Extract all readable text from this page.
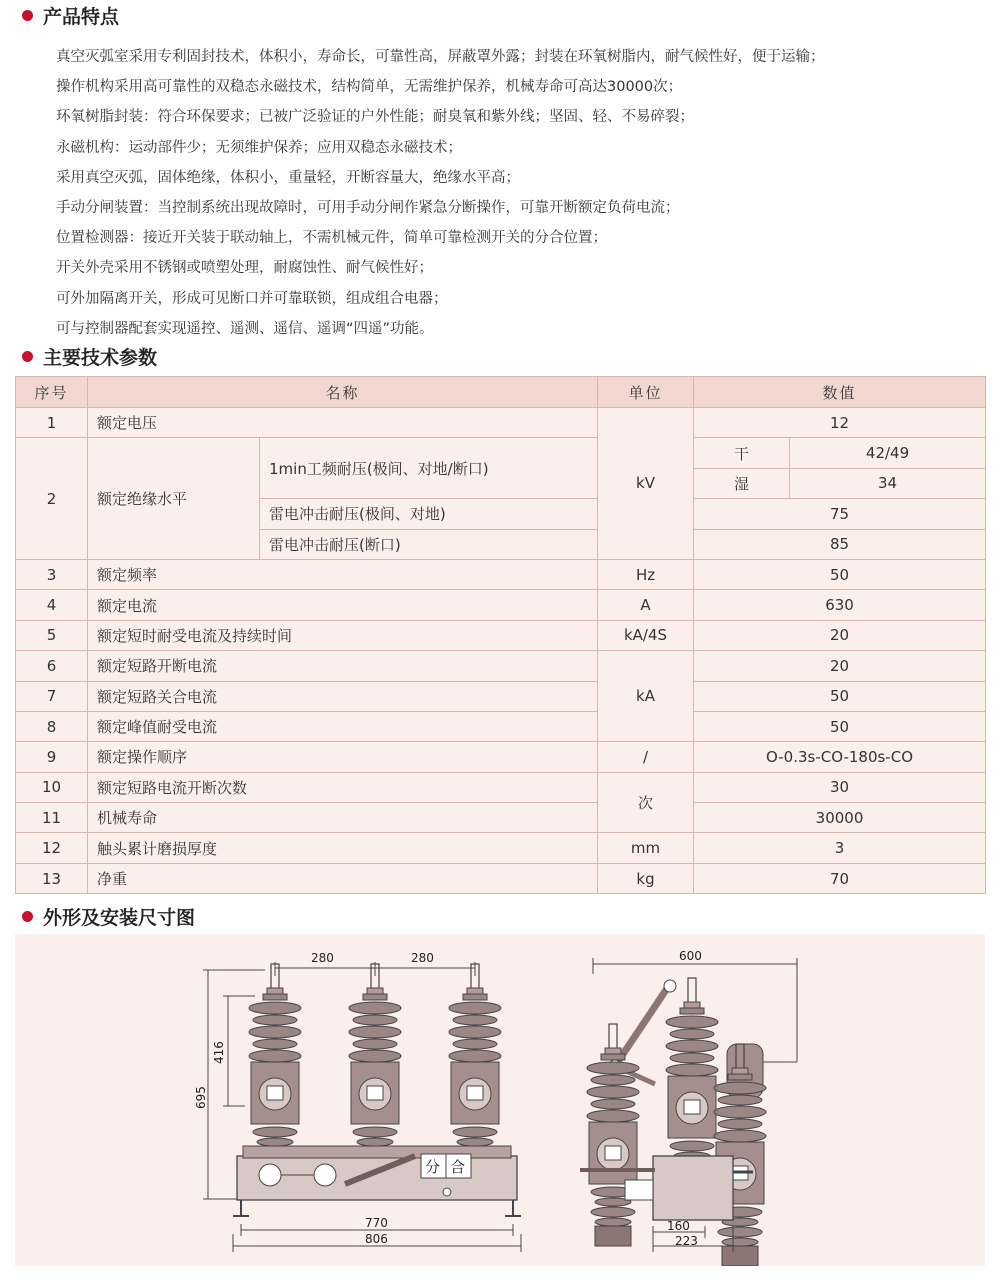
产品特点
真空灭弧室采用专利固封技术，体积小，寿命长，可靠性高，屏蔽罩外露；封装在环氧树脂内，耐气候性好，便于运输；
操作机构采用高可靠性的双稳态永磁技术，结构简单，无需维护保养，机械寿命可高达30000次；
环氧树脂封装：符合环保要求；已被广泛验证的户外性能；耐臭氧和紫外线；坚固、轻、不易碎裂；
永磁机构：运动部件少；无须维护保养；应用双稳态永磁技术；
采用真空灭弧，固体绝缘，体积小，重量轻，开断容量大，绝缘水平高；
手动分闸装置：当控制系统出现故障时，可用手动分闸作紧急分断操作，可靠开断额定负荷电流；
位置检测器：接近开关装于联动轴上，不需机械元件，简单可靠检测开关的分合位置；
开关外壳采用不锈钢或喷塑处理，耐腐蚀性、耐气候性好；
可外加隔离开关，形成可见断口并可靠联锁，组成组合电器；
可与控制器配套实现遥控、遥测、遥信、遥调“四遥”功能。
主要技术参数
序号	名称		单位	数值	
1	额定电压		kV	12	
2	额定绝缘水平	1min工频耐压(极间、对地/断口)		干	42/49
				湿	34
		雷电冲击耐压(极间、对地)		75	
		雷电冲击耐压(断口)		85	
3	额定频率		Hz	50	
4	额定电流		A	630	
5	额定短时耐受电流及持续时间		kA/4S	20	
6	额定短路开断电流		kA	20	
7	额定短路关合电流			50	
8	额定峰值耐受电流			50	
9	额定操作顺序		/	O-0.3s-CO-180s-CO	
10	额定短路电流开断次数		次	30	
11	机械寿命			30000	
12	触头累计磨损厚度		mm	3	
13	净重		kg	70	
外形及安装尺寸图
280	280
695
416
770
806
分 合
600
160
223
